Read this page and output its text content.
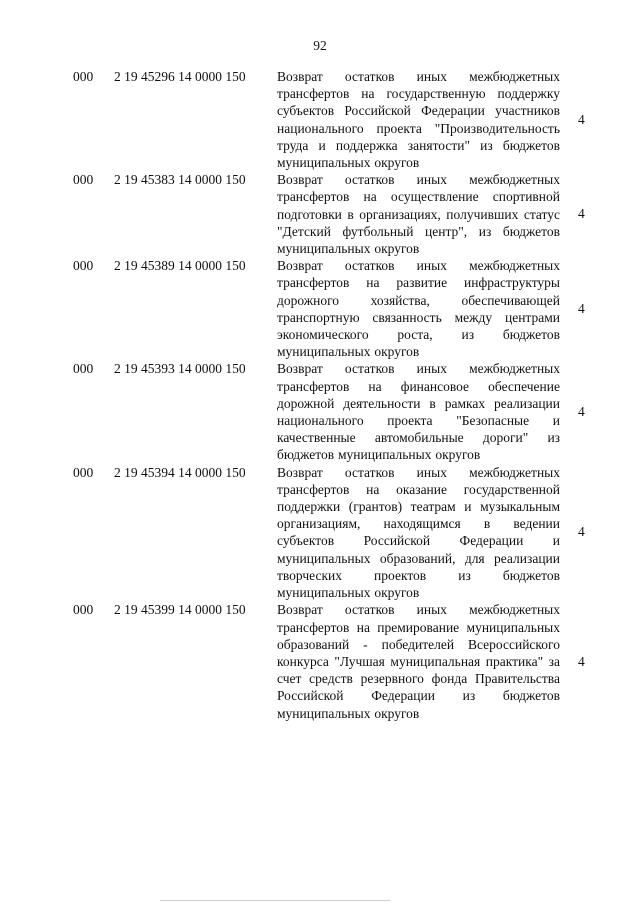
92
000 2 19 45296 14 0000 150 Возврат остатков иных межбюджетных трансфертов на государственную поддержку субъектов Российской Федерации участников национального проекта "Производительность труда и поддержка занятости" из бюджетов муниципальных округов
4
000 2 19 45383 14 0000 150 Возврат остатков иных межбюджетных трансфертов на осуществление спортивной подготовки в организациях, получивших статус "Детский футбольный центр", из бюджетов муниципальных округов
4
000 2 19 45389 14 0000 150 Возврат остатков иных межбюджетных трансфертов на развитие инфраструктуры дорожного хозяйства, обеспечивающей транспортную связанность между центрами экономического роста, из бюджетов муниципальных округов
4
000 2 19 45393 14 0000 150 Возврат остатков иных межбюджетных трансфертов на финансовое обеспечение дорожной деятельности в рамках реализации национального проекта "Безопасные и качественные автомобильные дороги" из бюджетов муниципальных округов
4
000 2 19 45394 14 0000 150 Возврат остатков иных межбюджетных трансфертов на оказание государственной поддержки (грантов) театрам и музыкальным организациям, находящимся в ведении субъектов Российской Федерации и муниципальных образований, для реализации творческих проектов из бюджетов муниципальных округов
4
000 2 19 45399 14 0000 150 Возврат остатков иных межбюджетных трансфертов на премирование муниципальных образований - победителей Всероссийского конкурса "Лучшая муниципальная практика" за счет средств резервного фонда Правительства Российской Федерации из бюджетов муниципальных округов
4
